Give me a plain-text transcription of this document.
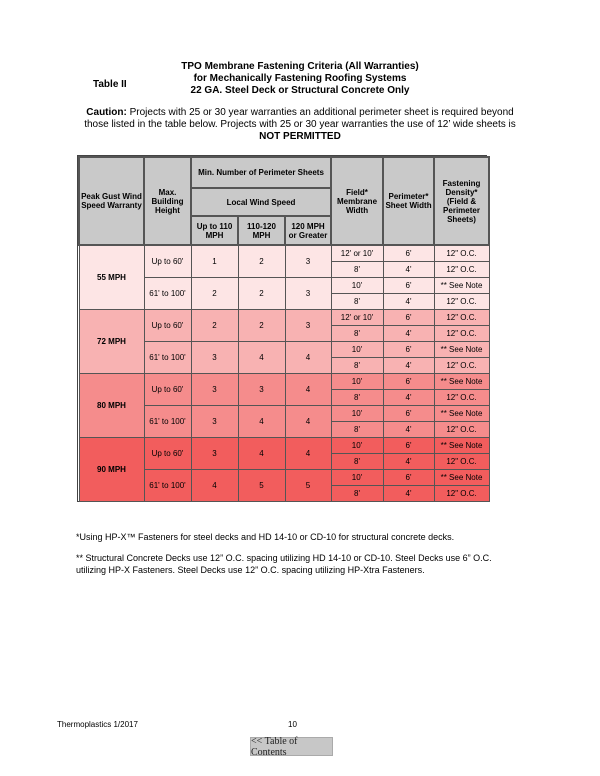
Table II
TPO Membrane Fastening Criteria (All Warranties)
for Mechanically Fastening Roofing Systems
22 GA. Steel Deck or Structural Concrete Only
Caution: Projects with 25 or 30 year warranties an additional perimeter sheet is required beyond those listed in the table below. Projects with 25 or 30 year warranties the use of 12’ wide sheets is NOT PERMITTED
Peak Gust Wind Speed Warranty	Max. Building Height	Min. Number of Perimeter Sheets			Field* Membrane Width	Perimeter* Sheet Width	Fastening Density* (Field & Perimeter Sheets)
		Local Wind Speed					
		Up to 110 MPH	110-120 MPH	120 MPH or Greater			
55 MPH	Up to 60'	1	2	3	12' or 10'	6'	12" O.C.
					8'	4'	12" O.C.
	61' to 100'	2	2	3	10'	6'	** See Note
					8'	4'	12" O.C.
72 MPH	Up to 60'	2	2	3	12' or 10'	6'	12" O.C.
					8'	4'	12" O.C.
	61' to 100'	3	4	4	10'	6'	** See Note
					8'	4'	12" O.C.
80 MPH	Up to 60'	3	3	4	10'	6'	** See Note
					8'	4'	12" O.C.
	61' to 100'	3	4	4	10'	6'	** See Note
					8'	4'	12" O.C.
90 MPH	Up to 60'	3	4	4	10'	6'	** See Note
					8'	4'	12" O.C.
	61' to 100'	4	5	5	10'	6'	** See Note
					8'	4'	12" O.C.
*Using HP-X™ Fasteners for steel decks and HD 14-10 or CD-10 for structural concrete decks.
** Structural Concrete Decks use 12” O.C. spacing utilizing HD 14-10 or CD-10. Steel Decks use 6” O.C. utilizing HP-X Fasteners. Steel Decks use 12” O.C. spacing utilizing HP-Xtra Fasteners.
Thermoplastics 1/2017	10
<< Table of Contents
